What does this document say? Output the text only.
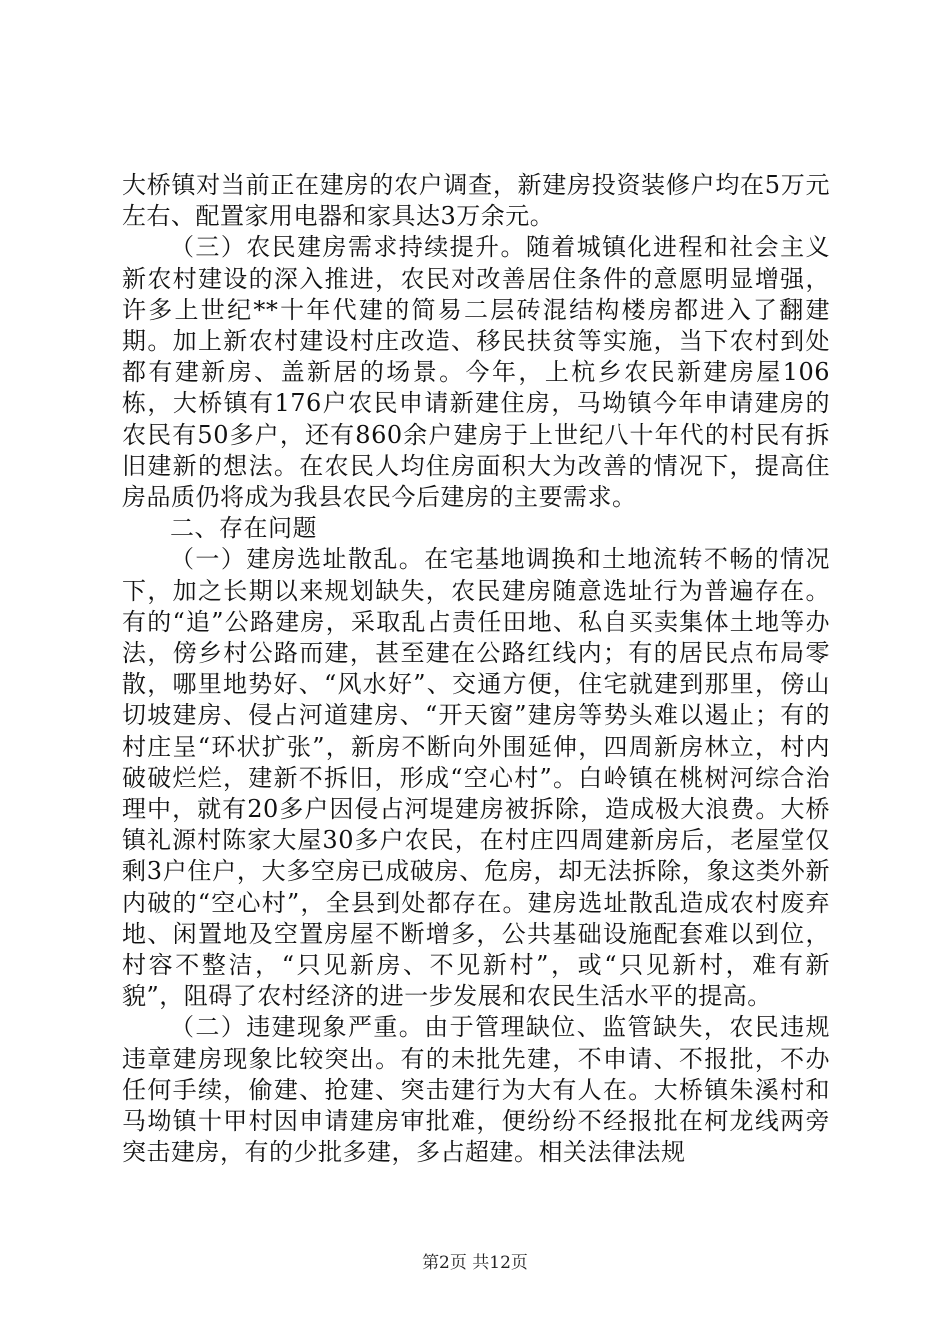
大桥镇对当前正在建房的农户调查，新建房投资装修户均在5万元左右、配置家用电器和家具达3万余元。

（三）农民建房需求持续提升。随着城镇化进程和社会主义新农村建设的深入推进，农民对改善居住条件的意愿明显增强，许多上世纪**十年代建的简易二层砖混结构楼房都进入了翻建期。加上新农村建设村庄改造、移民扶贫等实施，当下农村到处都有建新房、盖新居的场景。今年，上杭乡农民新建房屋106栋，大桥镇有176户农民申请新建住房，马坳镇今年申请建房的农民有50多户，还有860余户建房于上世纪八十年代的村民有拆旧建新的想法。在农民人均住房面积大为改善的情况下，提高住房品质仍将成为我县农民今后建房的主要需求。

二、存在问题

（一）建房选址散乱。在宅基地调换和土地流转不畅的情况下，加之长期以来规划缺失，农民建房随意选址行为普遍存在。有的“追”公路建房，采取乱占责任田地、私自买卖集体土地等办法，傍乡村公路而建，甚至建在公路红线内；有的居民点布局零散，哪里地势好、“风水好”、交通方便，住宅就建到那里，傍山切坡建房、侵占河道建房、“开天窗”建房等势头难以遏止；有的村庄呈“环状扩张”，新房不断向外围延伸，四周新房林立，村内破破烂烂，建新不拆旧，形成“空心村”。白岭镇在桃树河综合治理中，就有20多户因侵占河堤建房被拆除，造成极大浪费。大桥镇礼源村陈家大屋30多户农民，在村庄四周建新房后，老屋堂仅剩3户住户，大多空房已成破房、危房，却无法拆除，象这类外新内破的“空心村”，全县到处都存在。建房选址散乱造成农村废弃地、闲置地及空置房屋不断增多，公共基础设施配套难以到位，村容不整洁，“只见新房、不见新村”，或“只见新村，难有新貌”，阻碍了农村经济的进一步发展和农民生活水平的提高。

（二）违建现象严重。由于管理缺位、监管缺失，农民违规违章建房现象比较突出。有的未批先建，不申请、不报批，不办任何手续，偷建、抢建、突击建行为大有人在。大桥镇朱溪村和马坳镇十甲村因申请建房审批难，便纷纷不经报批在柯龙线两旁突击建房，有的少批多建，多占超建。相关法律法规

第2页 共12页
